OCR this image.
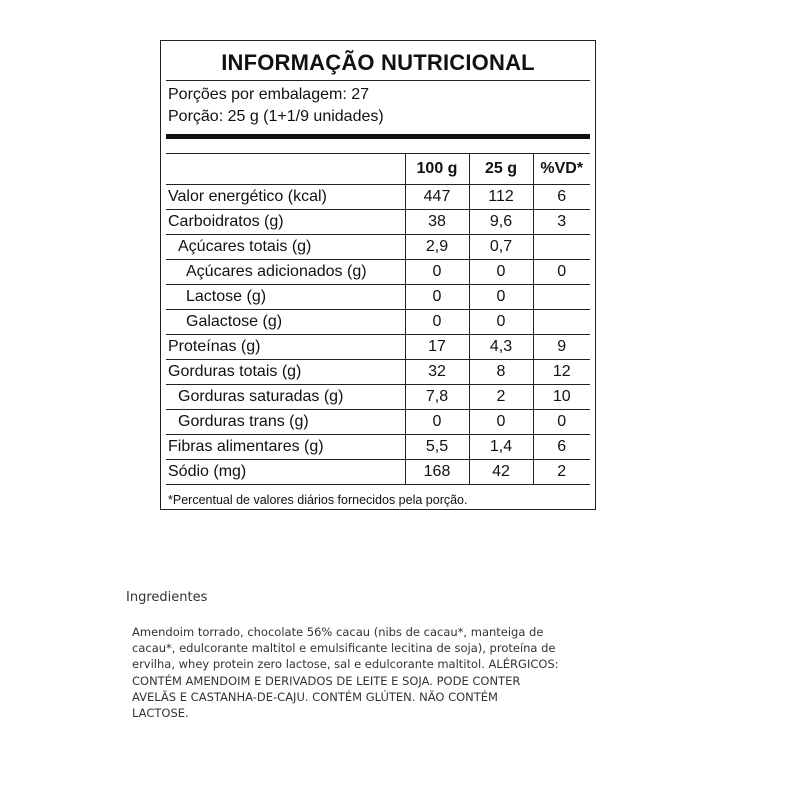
INFORMAÇÃO NUTRICIONAL
Porções por embalagem: 27
Porção: 25 g (1+1/9 unidades)
	100 g	25 g	%VD*
Valor energético (kcal)	447	112	6
Carboidratos (g)	38	9,6	3
Açúcares totais (g)	2,9	0,7	
Açúcares adicionados (g)	0	0	0
Lactose (g)	0	0	
Galactose (g)	0	0	
Proteínas (g)	17	4,3	9
Gorduras totais (g)	32	8	12
Gorduras saturadas (g)	7,8	2	10
Gorduras trans (g)	0	0	0
Fibras alimentares (g)	5,5	1,4	6
Sódio (mg)	168	42	2
*Percentual de valores diários fornecidos pela porção.
Ingredientes

Amendoim torrado, chocolate 56% cacau (nibs de cacau*, manteiga de
cacau*, edulcorante maltitol e emulsificante lecitina de soja), proteína de
ervilha, whey protein zero lactose, sal e edulcorante maltitol. ALÉRGICOS:
CONTÉM AMENDOIM E DERIVADOS DE LEITE E SOJA. PODE CONTER
AVELÃS E CASTANHA-DE-CAJU. CONTÉM GLÚTEN. NÃO CONTÉM
LACTOSE.
